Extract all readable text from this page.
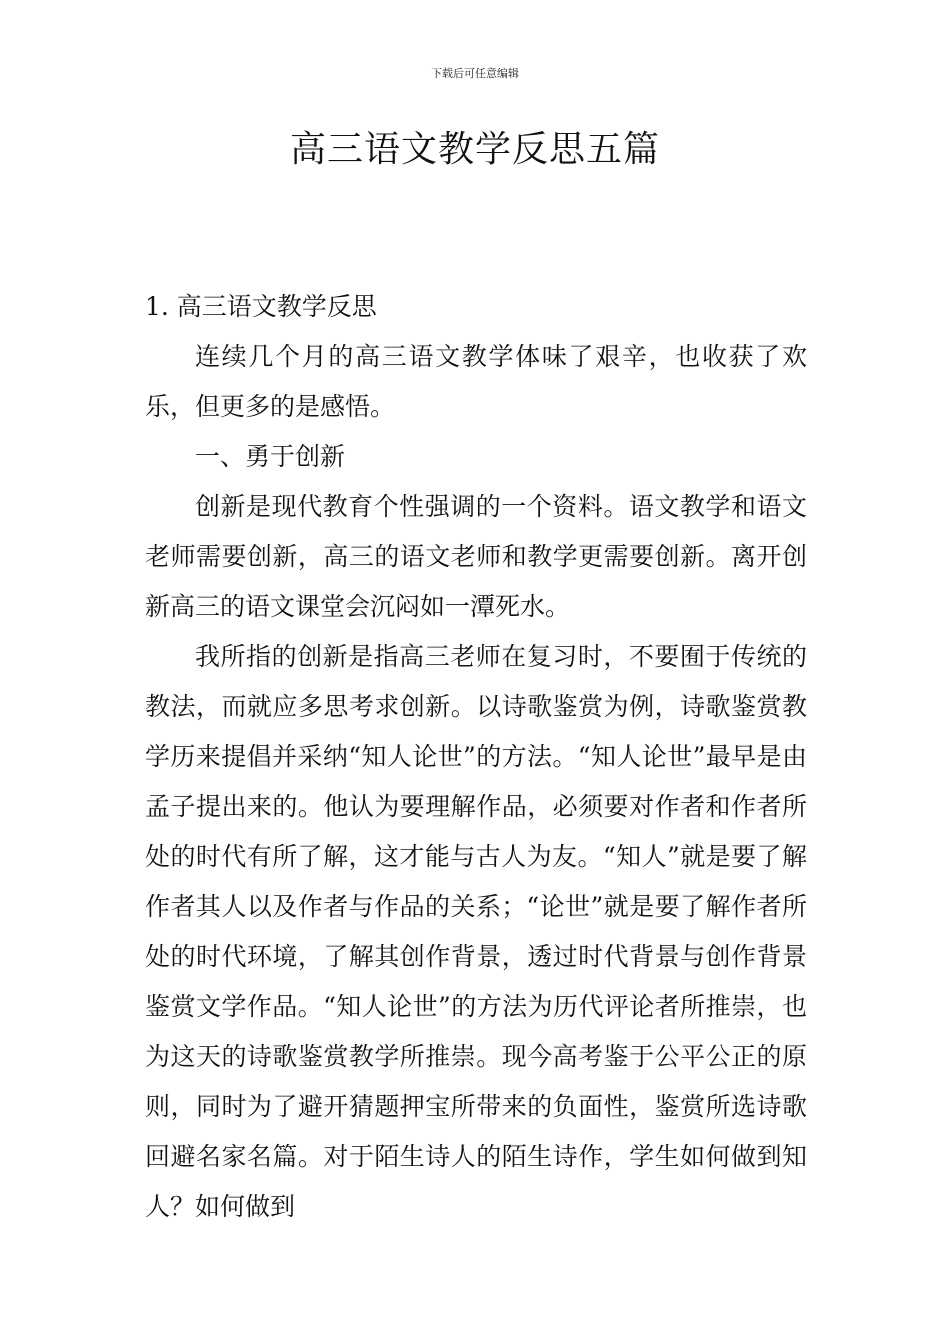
下载后可任意编辑
高三语文教学反思五篇

1. 高三语文教学反思

连续几个月的高三语文教学体味了艰辛，也收获了欢乐，但更多的是感悟。

一、勇于创新

创新是现代教育个性强调的一个资料。语文教学和语文老师需要创新，高三的语文老师和教学更需要创新。离开创新高三的语文课堂会沉闷如一潭死水。

我所指的创新是指高三老师在复习时，不要囿于传统的教法，而就应多思考求创新。以诗歌鉴赏为例，诗歌鉴赏教学历来提倡并采纳“知人论世”的方法。“知人论世”最早是由孟子提出来的。他认为要理解作品，必须要对作者和作者所处的时代有所了解，这才能与古人为友。“知人”就是要了解作者其人以及作者与作品的关系；“论世”就是要了解作者所处的时代环境，了解其创作背景，透过时代背景与创作背景鉴赏文学作品。“知人论世”的方法为历代评论者所推崇，也为这天的诗歌鉴赏教学所推崇。现今高考鉴于公平公正的原则，同时为了避开猜题押宝所带来的负面性，鉴赏所选诗歌回避名家名篇。对于陌生诗人的陌生诗作，学生如何做到知人？如何做到
